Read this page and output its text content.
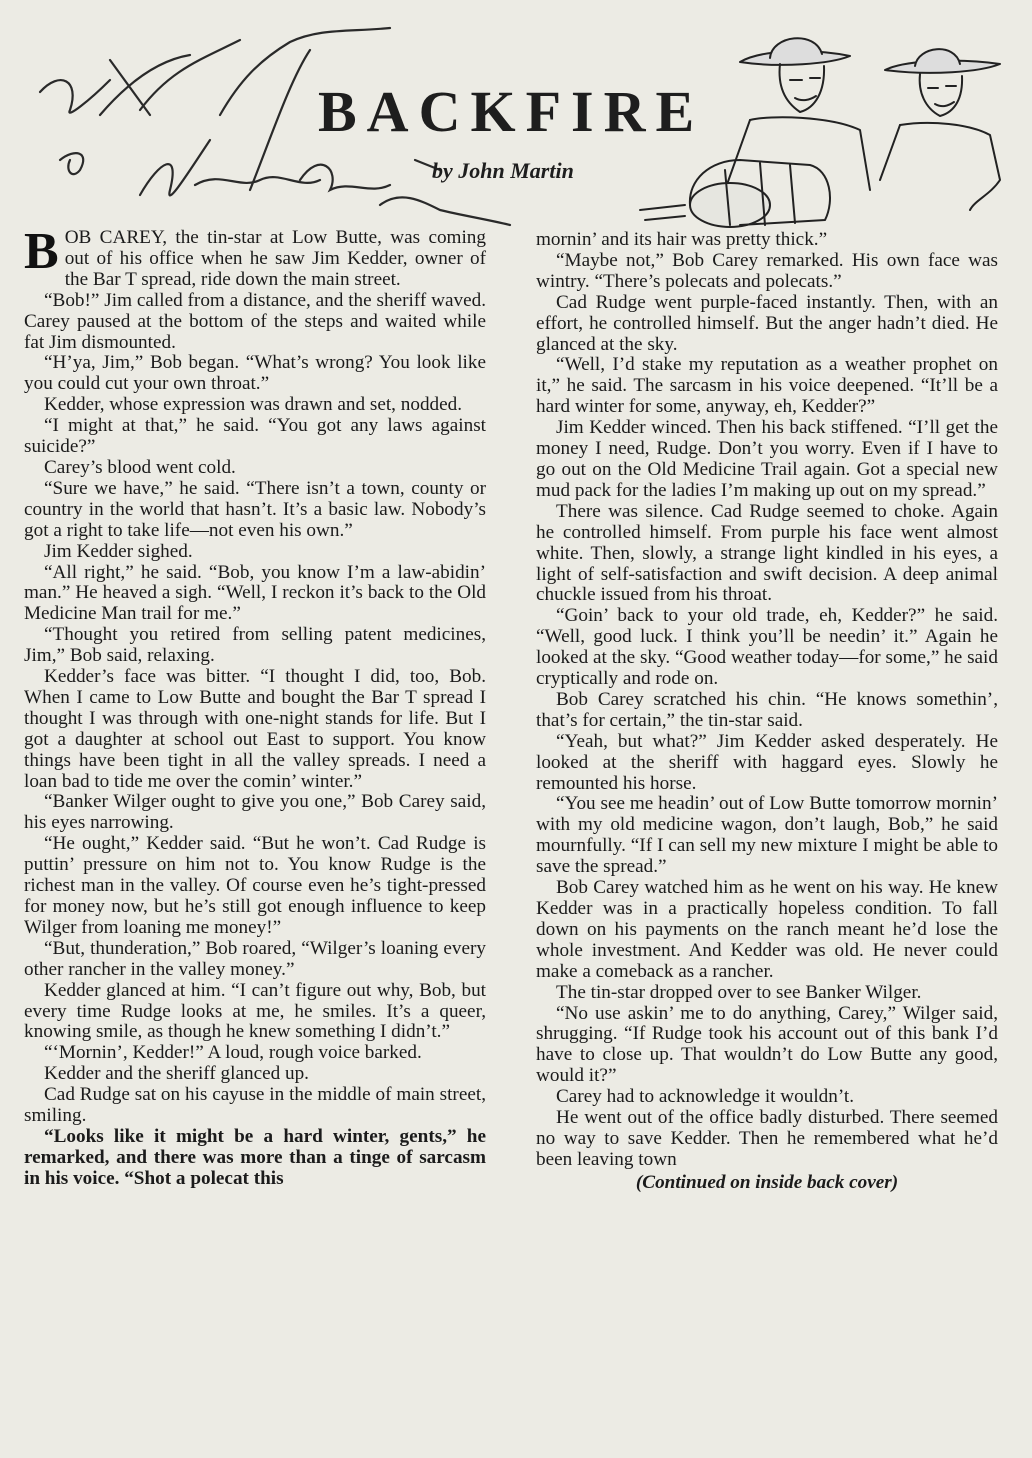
BACKFIRE
by John Martin

BOB CAREY, the tin-star at Low Butte, was coming out of his office when he saw Jim Kedder, owner of the Bar T spread, ride down the main street.

“Bob!” Jim called from a distance, and the sheriff waved. Carey paused at the bottom of the steps and waited while fat Jim dismounted.

“H’ya, Jim,” Bob began. “What’s wrong? You look like you could cut your own throat.”

Kedder, whose expression was drawn and set, nodded.

“I might at that,” he said. “You got any laws against suicide?”

Carey’s blood went cold.

“Sure we have,” he said. “There isn’t a town, county or country in the world that hasn’t. It’s a basic law. Nobody’s got a right to take life—not even his own.”

Jim Kedder sighed.

“All right,” he said. “Bob, you know I’m a law-abidin’ man.” He heaved a sigh. “Well, I reckon it’s back to the Old Medicine Man trail for me.”

“Thought you retired from selling patent medicines, Jim,” Bob said, relaxing.

Kedder’s face was bitter. “I thought I did, too, Bob. When I came to Low Butte and bought the Bar T spread I thought I was through with one-night stands for life. But I got a daughter at school out East to support. You know things have been tight in all the valley spreads. I need a loan bad to tide me over the comin’ winter.”

“Banker Wilger ought to give you one,” Bob Carey said, his eyes narrowing.

“He ought,” Kedder said. “But he won’t. Cad Rudge is puttin’ pressure on him not to. You know Rudge is the richest man in the valley. Of course even he’s tight-pressed for money now, but he’s still got enough influence to keep Wilger from loaning me money!”

“But, thunderation,” Bob roared, “Wilger’s loaning every other rancher in the valley money.”

Kedder glanced at him. “I can’t figure out why, Bob, but every time Rudge looks at me, he smiles. It’s a queer, knowing smile, as though he knew something I didn’t.”

“‘Mornin’, Kedder!” A loud, rough voice barked.

Kedder and the sheriff glanced up.

Cad Rudge sat on his cayuse in the middle of main street, smiling.

“Looks like it might be a hard winter, gents,” he remarked, and there was more than a tinge of sarcasm in his voice. “Shot a polecat this

mornin’ and its hair was pretty thick.”

“Maybe not,” Bob Carey remarked. His own face was wintry. “There’s polecats and polecats.”

Cad Rudge went purple-faced instantly. Then, with an effort, he controlled himself. But the anger hadn’t died. He glanced at the sky.

“Well, I’d stake my reputation as a weather prophet on it,” he said. The sarcasm in his voice deepened. “It’ll be a hard winter for some, anyway, eh, Kedder?”

Jim Kedder winced. Then his back stiffened. “I’ll get the money I need, Rudge. Don’t you worry. Even if I have to go out on the Old Medicine Trail again. Got a special new mud pack for the ladies I’m making up out on my spread.”

There was silence. Cad Rudge seemed to choke. Again he controlled himself. From purple his face went almost white. Then, slowly, a strange light kindled in his eyes, a light of self-satisfaction and swift decision. A deep animal chuckle issued from his throat.

“Goin’ back to your old trade, eh, Kedder?” he said. “Well, good luck. I think you’ll be needin’ it.” Again he looked at the sky. “Good weather today—for some,” he said cryptically and rode on.

Bob Carey scratched his chin. “He knows somethin’, that’s for certain,” the tin-star said.

“Yeah, but what?” Jim Kedder asked desperately. He looked at the sheriff with haggard eyes. Slowly he remounted his horse.

“You see me headin’ out of Low Butte tomorrow mornin’ with my old medicine wagon, don’t laugh, Bob,” he said mournfully. “If I can sell my new mixture I might be able to save the spread.”

Bob Carey watched him as he went on his way. He knew Kedder was in a practically hopeless condition. To fall down on his payments on the ranch meant he’d lose the whole investment. And Kedder was old. He never could make a comeback as a rancher.

The tin-star dropped over to see Banker Wilger.

“No use askin’ me to do anything, Carey,” Wilger said, shrugging. “If Rudge took his account out of this bank I’d have to close up. That wouldn’t do Low Butte any good, would it?”

Carey had to acknowledge it wouldn’t.

He went out of the office badly disturbed. There seemed no way to save Kedder. Then he remembered what he’d been leaving town

(Continued on inside back cover)
